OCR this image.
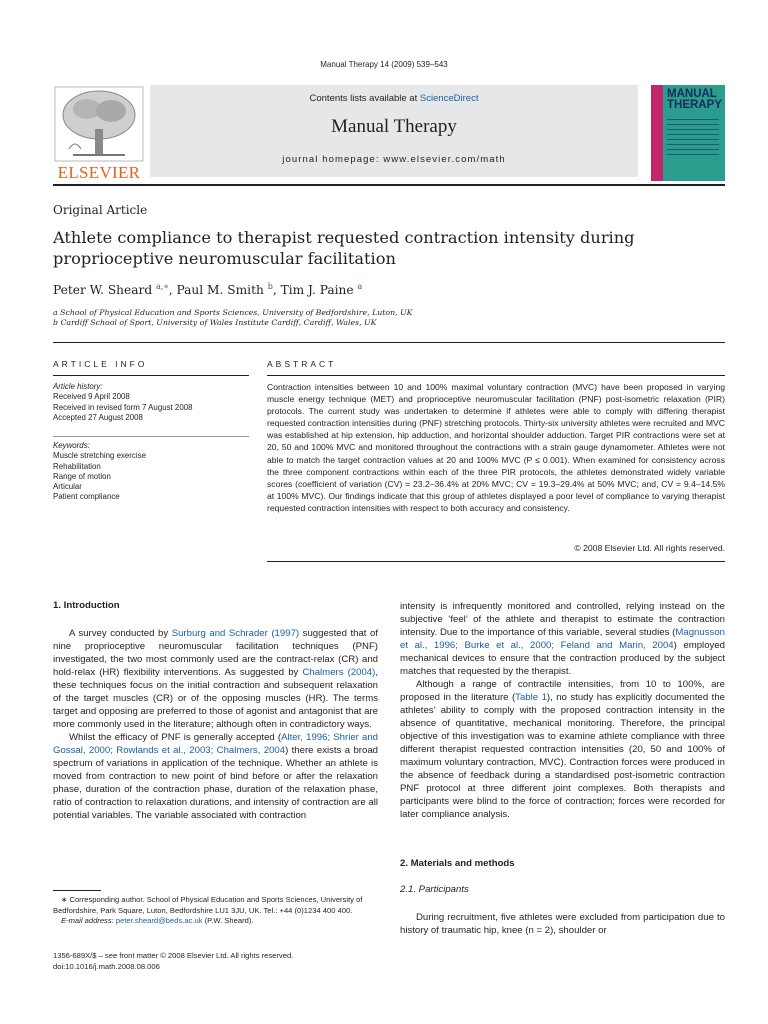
Manual Therapy 14 (2009) 539–543
ELSEVIER
Contents lists available at ScienceDirect
Manual Therapy
journal homepage: www.elsevier.com/math
MANUAL
THERAPY
Original Article
Athlete compliance to therapist requested contraction intensity during proprioceptive neuromuscular facilitation
Peter W. Sheard $^{a,∗}$, Paul M. Smith $^b$, Tim J. Paine $^a$
a School of Physical Education and Sports Sciences, University of Bedfordshire, Luton, UK
b Cardiff School of Sport, University of Wales Institute Cardiff, Cardiff, Wales, UK
ARTICLE INFO
Article history:
Received 9 April 2008
Received in revised form 7 August 2008
Accepted 27 August 2008
Keywords:
Muscle stretching exercise
Rehabilitation
Range of motion
Articular
Patient compliance
ABSTRACT
Contraction intensities between 10 and 100% maximal voluntary contraction (MVC) have been proposed in varying muscle energy technique (MET) and proprioceptive neuromuscular facilitation (PNF) post-isometric relaxation (PIR) protocols. The current study was undertaken to determine if athletes were able to comply with differing therapist requested contraction intensities during (PNF) stretching protocols. Thirty-six university athletes were recruited and MVC was established at hip extension, hip adduction, and horizontal shoulder adduction. Target PIR contractions were set at 20, 50 and 100% MVC and monitored throughout the contractions with a strain gauge dynamometer. Athletes were not able to match the target contraction values at 20 and 100% MVC (P ≤ 0.001). When examined for consistency across the three component contractions within each of the three PIR protocols, the athletes demonstrated widely variable scores (coefficient of variation (CV) = 23.2–36.4% at 20% MVC; CV = 19.3–29.4% at 50% MVC; and, CV = 9.4–14.5% at 100% MVC). Our findings indicate that this group of athletes displayed a poor level of compliance to varying therapist requested contraction intensities with respect to both accuracy and consistency.
© 2008 Elsevier Ltd. All rights reserved.
1. Introduction

A survey conducted by Surburg and Schrader (1997) suggested that of nine proprioceptive neuromuscular facilitation techniques (PNF) investigated, the two most commonly used are the contract-relax (CR) and hold-relax (HR) flexibility interventions. As suggested by Chalmers (2004), these techniques focus on the initial contraction and subsequent relaxation of the target muscles (CR) or of the opposing muscles (HR). The terms target and opposing are preferred to those of agonist and antagonist that are more commonly used in the literature; although often in contradictory ways.

Whilst the efficacy of PNF is generally accepted (Alter, 1996; Shrier and Gossal, 2000; Rowlands et al., 2003; Chalmers, 2004) there exists a broad spectrum of variations in application of the technique. Whether an athlete is moved from contraction to new point of bind before or after the relaxation phase, duration of the contraction phase, duration of the relaxation phase, ratio of contraction to relaxation durations, and intensity of contraction are all potential variables. The variable associated with contraction

∗ Corresponding author. School of Physical Education and Sports Sciences, University of Bedfordshire, Park Square, Luton, Bedfordshire LU1 3JU, UK. Tel.: +44 (0)1234 400 400.
E-mail address: peter.sheard@beds.ac.uk (P.W. Sheard).
1356-689X/$ – see front matter © 2008 Elsevier Ltd. All rights reserved.
doi:10.1016/j.math.2008.08.006

intensity is infrequently monitored and controlled, relying instead on the subjective ‘feel’ of the athlete and therapist to estimate the contraction intensity. Due to the importance of this variable, several studies (Magnusson et al., 1996; Burke et al., 2000; Feland and Marin, 2004) employed mechanical devices to ensure that the contraction produced by the subject matches that requested by the therapist.

Although a range of contractile intensities, from 10 to 100%, are proposed in the literature (Table 1), no study has explicitly documented the athletes’ ability to comply with the proposed contraction intensity in the absence of quantitative, mechanical monitoring. Therefore, the principal objective of this investigation was to examine athlete compliance with three different therapist requested contraction intensities (20, 50 and 100% of maximum voluntary contraction, MVC). Contraction forces were produced in the absence of feedback during a standardised post-isometric contraction PNF protocol at three different joint complexes. Both therapists and participants were blind to the force of contraction; forces were recorded for later compliance analysis.

2. Materials and methods
2.1. Participants

During recruitment, five athletes were excluded from participation due to history of traumatic hip, knee (n = 2), shoulder or
